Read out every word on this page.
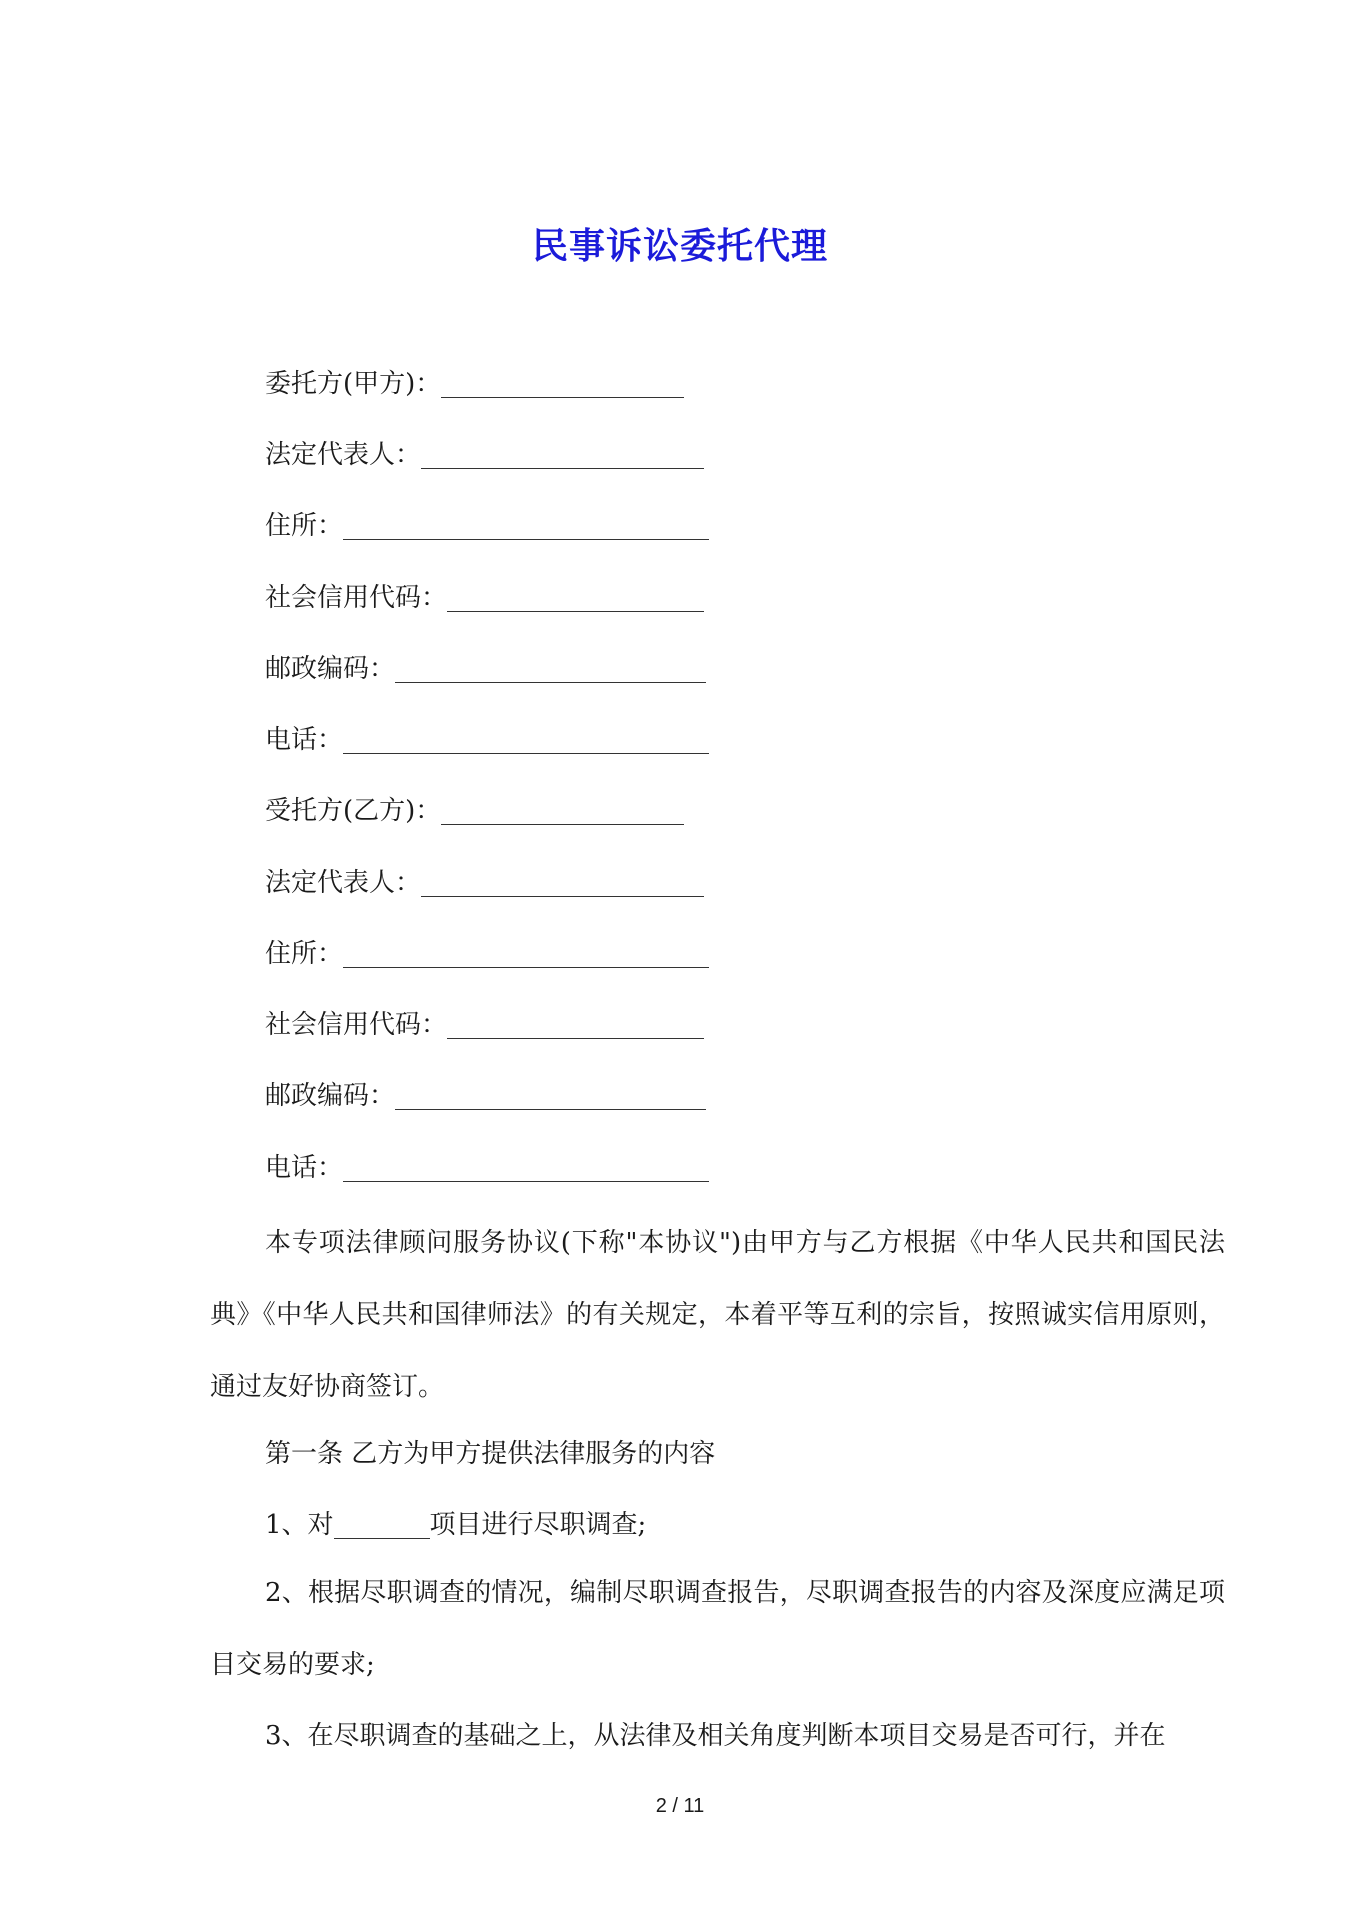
民事诉讼委托代理
委托方(甲方)：
法定代表人：
住所：
社会信用代码：
邮政编码：
电话：
受托方(乙方)：
法定代表人：
住所：
社会信用代码：
邮政编码：
电话：
本专项法律顾问服务协议(下称"本协议")由甲方与乙方根据《中华人民共和国民法典》《中华人民共和国律师法》的有关规定，本着平等互利的宗旨，按照诚实信用原则，通过友好协商签订。
第一条 乙方为甲方提供法律服务的内容
1、对	项目进行尽职调查;
2、根据尽职调查的情况，编制尽职调查报告，尽职调查报告的内容及深度应满足项目交易的要求;
3、在尽职调查的基础之上，从法律及相关角度判断本项目交易是否可行，并在
2 / 11
